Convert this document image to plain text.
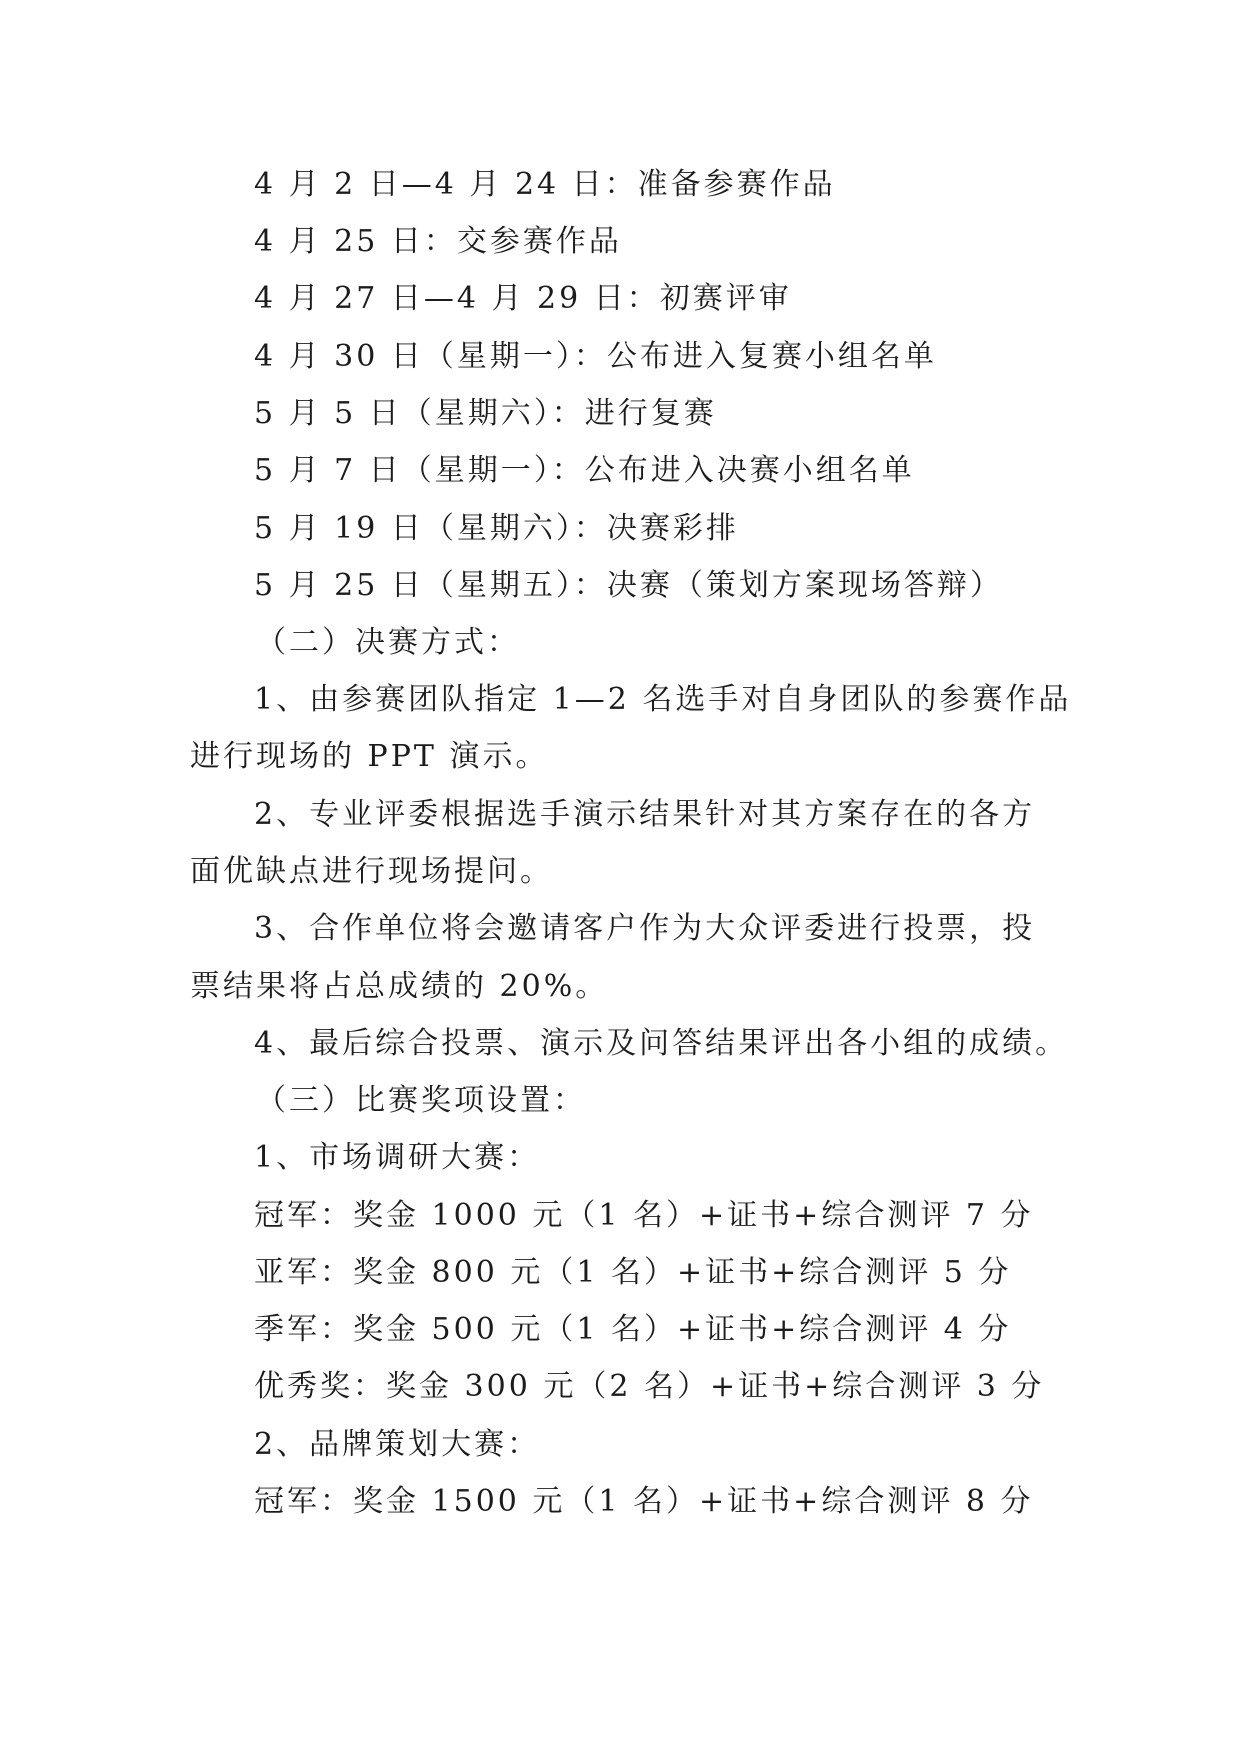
4 月 2 日—4 月 24 日：准备参赛作品
4 月 25 日：交参赛作品
4 月 27 日—4 月 29 日：初赛评审
4 月 30 日（星期一）：公布进入复赛小组名单
5 月 5 日（星期六）：进行复赛
5 月 7 日（星期一）：公布进入决赛小组名单
5 月 19 日（星期六）：决赛彩排
5 月 25 日（星期五）：决赛（策划方案现场答辩）
（二）决赛方式：
1、由参赛团队指定 1—2 名选手对自身团队的参赛作品
进行现场的 PPT 演示。
2、专业评委根据选手演示结果针对其方案存在的各方
面优缺点进行现场提问。
3、合作单位将会邀请客户作为大众评委进行投票，投
票结果将占总成绩的 20%。
4、最后综合投票、演示及问答结果评出各小组的成绩。
（三）比赛奖项设置：
1、市场调研大赛：
冠军：奖金 1000 元（1 名）+证书+综合测评 7 分
亚军：奖金 800 元（1 名）+证书+综合测评 5 分
季军：奖金 500 元（1 名）+证书+综合测评 4 分
优秀奖：奖金 300 元（2 名）+证书+综合测评 3 分
2、品牌策划大赛：
冠军：奖金 1500 元（1 名）+证书+综合测评 8 分
